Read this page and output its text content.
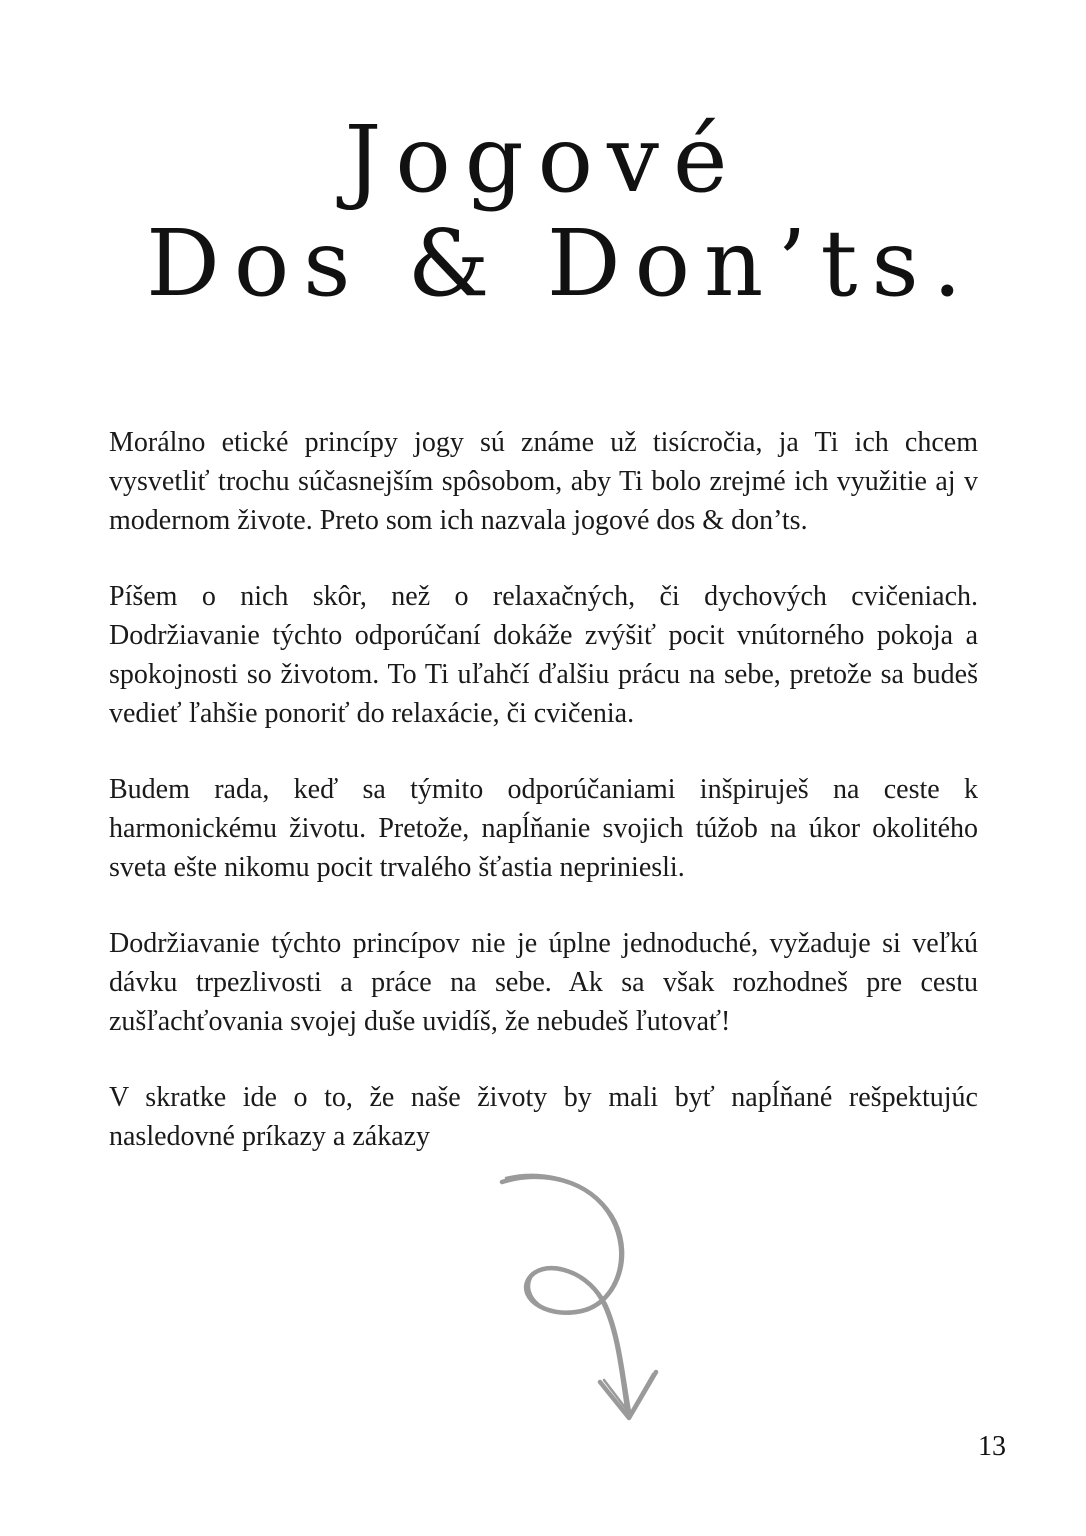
Jogové
Dos & Don’ts.

Morálno etické princípy jogy sú známe už tisícročia, ja Ti ich chcem vysvetliť trochu súčasnejším spôsobom, aby Ti bolo zrejmé ich využitie aj v modernom živote. Preto som ich nazvala jogové dos & don’ts.

Píšem o nich skôr, než o relaxačných, či dychových cvičeniach. Dodržiavanie týchto odporúčaní dokáže zvýšiť pocit vnútorného pokoja a spokojnosti so životom. To Ti uľahčí ďalšiu prácu na sebe, pretože sa budeš vedieť ľahšie ponoriť do relaxácie, či cvičenia.

Budem rada, keď sa týmito odporúčaniami inšpiruješ na ceste k harmonickému životu. Pretože, napĺňanie svojich túžob na úkor okolitého sveta ešte nikomu pocit trvalého šťastia nepriniesli.

Dodržiavanie týchto princípov nie je úplne jednoduché, vyžaduje si veľkú dávku trpezlivosti a práce na sebe. Ak sa však rozhodneš pre cestu zušľachťovania svojej duše uvidíš, že nebudeš ľutovať!

V skratke ide o to, že naše životy by mali byť napĺňané rešpektujúc nasledovné príkazy a zákazy

13
